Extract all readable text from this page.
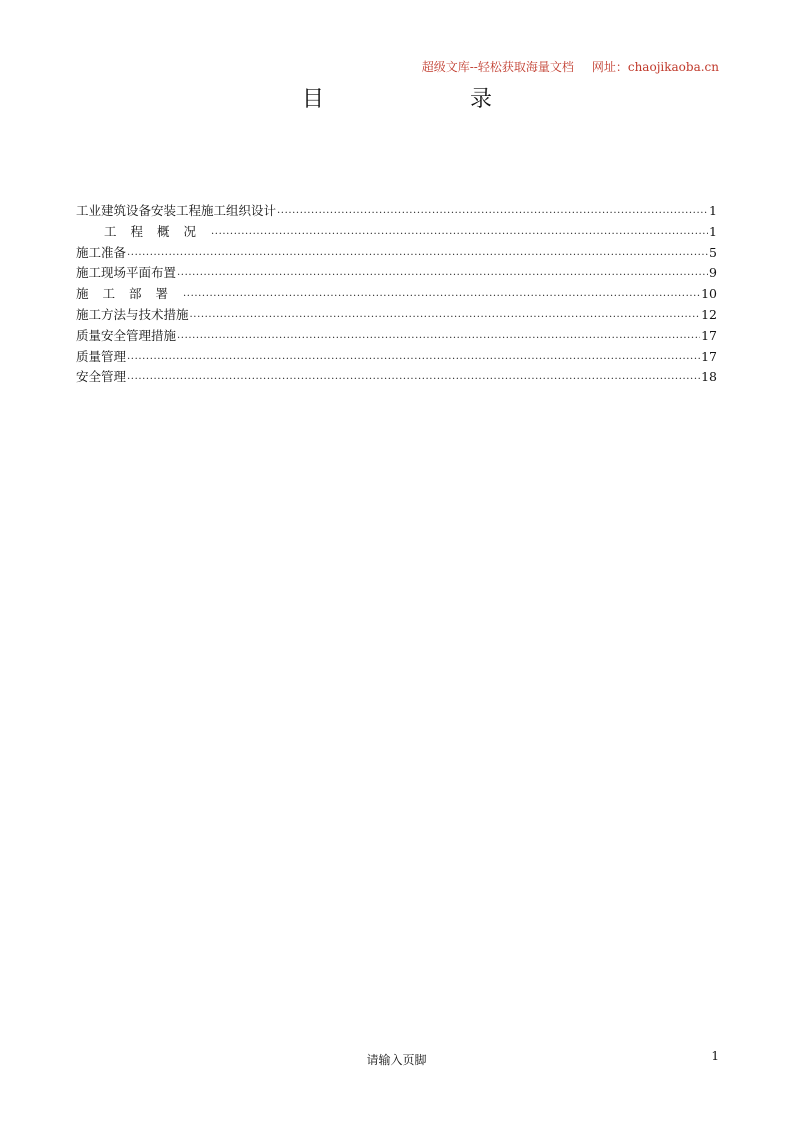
超级文库--轻松获取海量文档 网址：chaojikaoba.cn
目	录
工业建筑设备安装工程施工组织设计 .....	1
工程概况 .....	1
施工准备 .....	5
施工现场平面布置 .....	9
施工部署 .....	10
施工方法与技术措施 .....	12
质量安全管理措施 .....	17
质量管理 .....	17
安全管理 .....	18
请输入页脚	1
